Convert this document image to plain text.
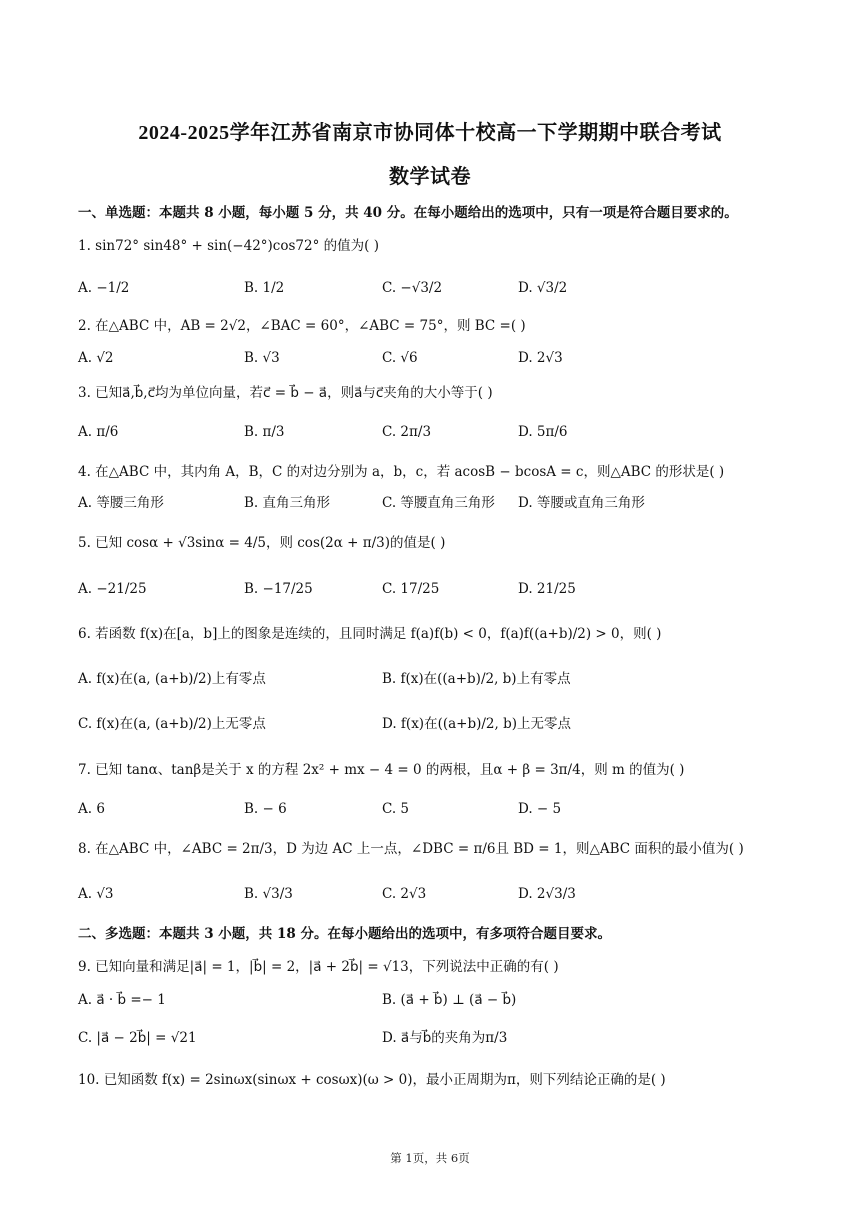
2024-2025学年江苏省南京市协同体十校高一下学期期中联合考试
数学试卷
一、单选题：本题共 8 小题，每小题 5 分，共 40 分。在每小题给出的选项中，只有一项是符合题目要求的。
1. sin72° sin48° + sin(−42°)cos72° 的值为( )
A. −1/2	B. 1/2	C. −√3/2	D. √3/2
2. 在△ABC 中，AB = 2√2，∠BAC = 60°，∠ABC = 75°，则 BC =( )
A. √2	B. √3	C. √6	D. 2√3
3. 已知a⃗,b⃗,c⃗均为单位向量，若c⃗ = b⃗ − a⃗，则a⃗与c⃗夹角的大小等于( )
A. π/6	B. π/3	C. 2π/3	D. 5π/6
4. 在△ABC 中，其内角 A，B，C 的对边分别为 a，b，c，若 acosB − bcosA = c，则△ABC 的形状是( )
A. 等腰三角形	B. 直角三角形	C. 等腰直角三角形 D. 等腰或直角三角形
5. 已知 cosα + √3sinα = 4/5，则 cos(2α + π/3)的值是( )
A. −21/25	B. −17/25	C. 17/25	D. 21/25
6. 若函数 f(x)在[a，b]上的图象是连续的，且同时满足 f(a)f(b) < 0，f(a)f((a+b)/2) > 0，则( )
A. f(x)在(a, (a+b)/2)上有零点	B. f(x)在((a+b)/2, b)上有零点
C. f(x)在(a, (a+b)/2)上无零点	D. f(x)在((a+b)/2, b)上无零点
7. 已知 tanα、tanβ是关于 x 的方程 2x² + mx − 4 = 0 的两根，且α + β = 3π/4，则 m 的值为( )
A. 6	B. − 6	C. 5	D. − 5
8. 在△ABC 中，∠ABC = 2π/3，D 为边 AC 上一点，∠DBC = π/6且 BD = 1，则△ABC 面积的最小值为( )
A. √3	B. √3/3	C. 2√3	D. 2√3/3
二、多选题：本题共 3 小题，共 18 分。在每小题给出的选项中，有多项符合题目要求。
9. 已知向量和满足|a⃗| = 1，|b⃗| = 2，|a⃗ + 2b⃗| = √13，下列说法中正确的有( )
A. a⃗ · b⃗ =− 1	B. (a⃗ + b⃗) ⊥ (a⃗ − b⃗)
C. |a⃗ − 2b⃗| = √21	D. a⃗与b⃗的夹角为π/3
10. 已知函数 f(x) = 2sinωx(sinωx + cosωx)(ω > 0)，最小正周期为π，则下列结论正确的是( )
第 1页，共 6页
